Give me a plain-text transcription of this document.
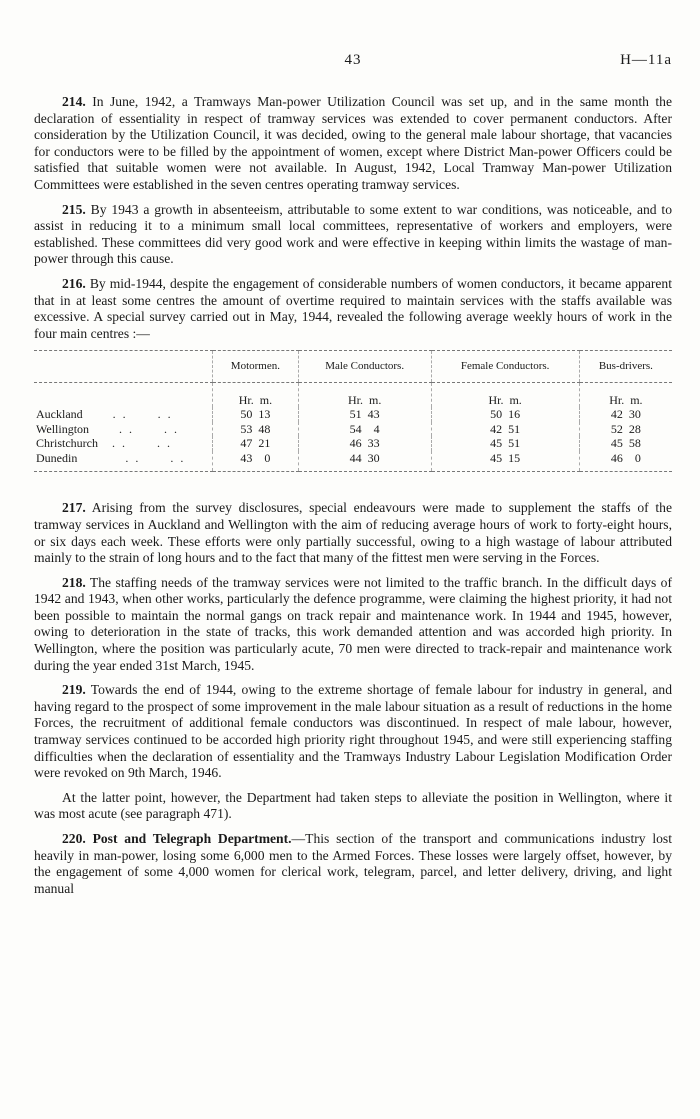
43	H—11a

214. In June, 1942, a Tramways Man-power Utilization Council was set up, and in the same month the declaration of essentiality in respect of tramway services was extended to cover permanent conductors. After consideration by the Utilization Council, it was decided, owing to the general male labour shortage, that vacancies for conductors were to be filled by the appointment of women, except where District Man-power Officers could be satisfied that suitable women were not available. In August, 1942, Local Tramway Man-power Utilization Committees were established in the seven centres operating tramway services.

215. By 1943 a growth in absenteeism, attributable to some extent to war conditions, was noticeable, and to assist in reducing it to a minimum small local committees, representative of workers and employers, were established. These committees did very good work and were effective in keeping within limits the wastage of man-power through this cause.

216. By mid-1944, despite the engagement of considerable numbers of women conductors, it became apparent that in at least some centres the amount of overtime required to maintain services with the staffs available was excessive. A special survey carried out in May, 1944, revealed the following average weekly hours of work in the four main centres :—

	Motormen.	Male Conductors.	Female Conductors.	Bus-drivers.
	Hr.  m.	Hr.  m.	Hr.  m.	Hr.  m.
Auckland . . . .	50  13	51  43	50  16	42  30
Wellington . . . .	53  48	54    4	42  51	52  28
Christchurch . . . .	47  21	46  33	45  51	45  58
Dunedin . . . .	43    0	44  30	45  15	46    0

217. Arising from the survey disclosures, special endeavours were made to supplement the staffs of the tramway services in Auckland and Wellington with the aim of reducing average hours of work to forty-eight hours, or six days each week. These efforts were only partially successful, owing to a high wastage of labour attributed mainly to the strain of long hours and to the fact that many of the fittest men were serving in the Forces.

218. The staffing needs of the tramway services were not limited to the traffic branch. In the difficult days of 1942 and 1943, when other works, particularly the defence programme, were claiming the highest priority, it had not been possible to maintain the normal gangs on track repair and maintenance work. In 1944 and 1945, however, owing to deterioration in the state of tracks, this work demanded attention and was accorded high priority. In Wellington, where the position was particularly acute, 70 men were directed to track-repair and maintenance work during the year ended 31st March, 1945.

219. Towards the end of 1944, owing to the extreme shortage of female labour for industry in general, and having regard to the prospect of some improvement in the male labour situation as a result of reductions in the home Forces, the recruitment of additional female conductors was discontinued. In respect of male labour, however, tramway services continued to be accorded high priority right throughout 1945, and were still experiencing staffing difficulties when the declaration of essentiality and the Tramways Industry Labour Legislation Modification Order were revoked on 9th March, 1946.

At the latter point, however, the Department had taken steps to alleviate the position in Wellington, where it was most acute (see paragraph 471).

220. Post and Telegraph Department.—This section of the transport and communications industry lost heavily in man-power, losing some 6,000 men to the Armed Forces. These losses were largely offset, however, by the engagement of some 4,000 women for clerical work, telegram, parcel, and letter delivery, driving, and light manual
